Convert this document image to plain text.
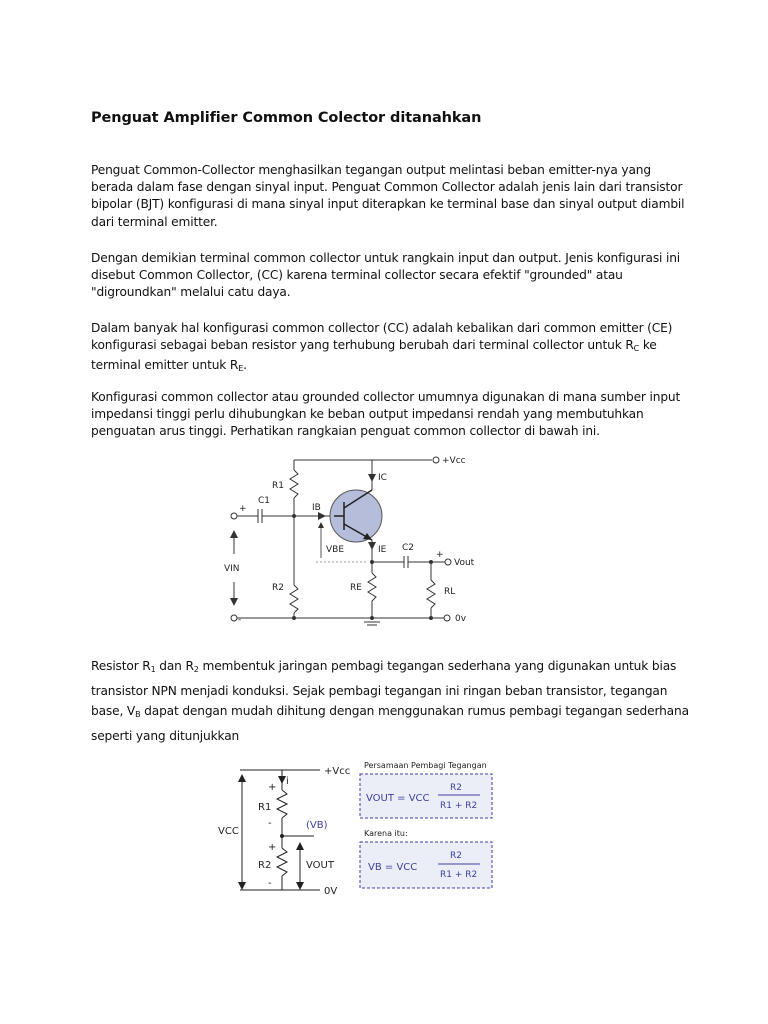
Penguat Amplifier Common Colector ditanahkan
Penguat Common-Collector menghasilkan tegangan output melintasi beban emitter-nya yang berada dalam fase dengan sinyal input. Penguat Common Collector adalah jenis lain dari transistor bipolar (BJT) konfigurasi di mana sinyal input diterapkan ke terminal base dan sinyal output diambil dari terminal emitter.
Dengan demikian terminal common collector untuk rangkain input dan output. Jenis konfigurasi ini disebut Common Collector, (CC) karena terminal collector secara efektif "grounded" atau "digroundkan" melalui catu daya.
Dalam banyak hal konfigurasi common collector (CC) adalah kebalikan dari common emitter (CE) konfigurasi sebagai beban resistor yang terhubung berubah dari terminal collector untuk $R_C$ ke terminal emitter untuk $R_E$.
Konfigurasi common collector atau grounded collector umumnya digunakan di mana sumber input impedansi tinggi perlu dihubungkan ke beban output impedansi rendah yang membutuhkan penguatan arus tinggi. Perhatikan rangkaian penguat common collector di bawah ini.
+Vcc
IC
R1
C1
IB
VBE	IE C2
Vout
VIN
R2	RE	RL
0v
+
-
+
Resistor $R_1$ dan $R_2$ membentuk jaringan pembagi tegangan sederhana yang digunakan untuk bias transistor NPN menjadi konduksi. Sejak pembagi tegangan ini ringan beban transistor, tegangan base, $V_B$ dapat dengan mudah dihitung dengan menggunakan rumus pembagi tegangan sederhana seperti yang ditunjukkan
+Vcc
i
R1
VCC
(VB)
R2	VOUT
0V
+
-
+
-
Persamaan Pembagi Tegangan
VOUT = VCC
R2
R1 + R2
Karena itu:
VB = VCC
R2
R1 + R2
